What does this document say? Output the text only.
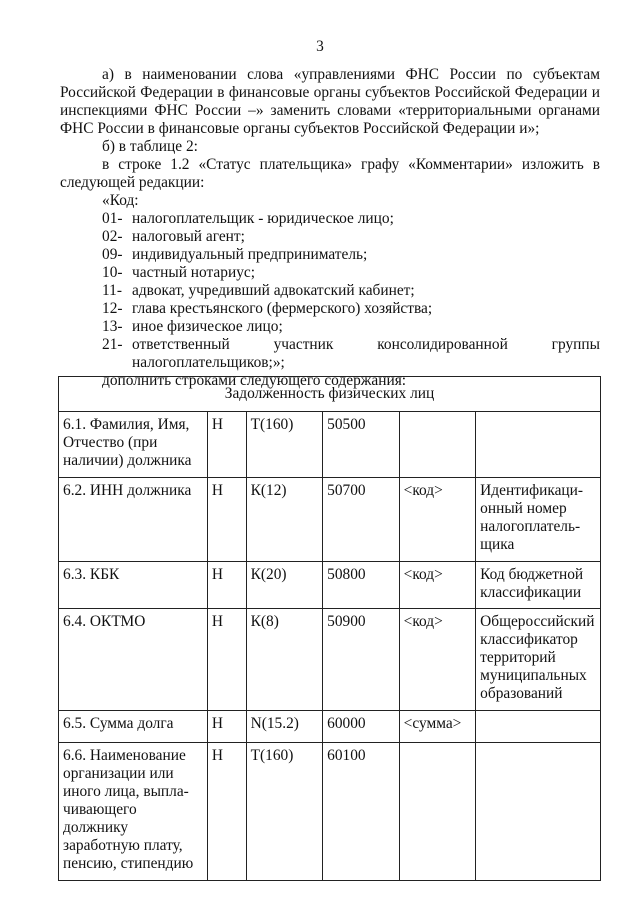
3

а) в наименовании слова «управлениями ФНС России по субъектам Российской Федерации в финансовые органы субъектов Российской Федерации и инспекциями ФНС России –» заменить словами «территориальными органами ФНС России в финансовые органы субъектов Российской Федерации и»;

б) в таблице 2:

в строке 1.2 «Статус плательщика» графу «Комментарии» изложить в следующей редакции:

«Код:

01- налогоплательщик - юридическое лицо;
02- налоговый агент;
09- индивидуальный предприниматель;
10- частный нотариус;
11- адвокат, учредивший адвокатский кабинет;
12- глава крестьянского (фермерского) хозяйства;
13- иное физическое лицо;
21- ответственный участник консолидированной группы
налогоплательщиков;»;

дополнить строками следующего содержания:

Задолженность физических лиц					
6.1. Фамилия, Имя, Отчество (при наличии) должника	Н	Т(160)	50500		
6.2. ИНН должника	Н	К(12)	50700	<код>	Идентификаци-онный номер налогоплатель-щика
6.3. КБК	Н	К(20)	50800	<код>	Код бюджетной классификации
6.4. ОКТМО	Н	К(8)	50900	<код>	Общероссийский классификатор территорий муниципальных образований
6.5. Сумма долга	Н	N(15.2)	60000	<сумма>	
6.6. Наименование организации или иного лица, выпла-чивающего должнику заработную плату, пенсию, стипендию	Н	Т(160)	60100		
